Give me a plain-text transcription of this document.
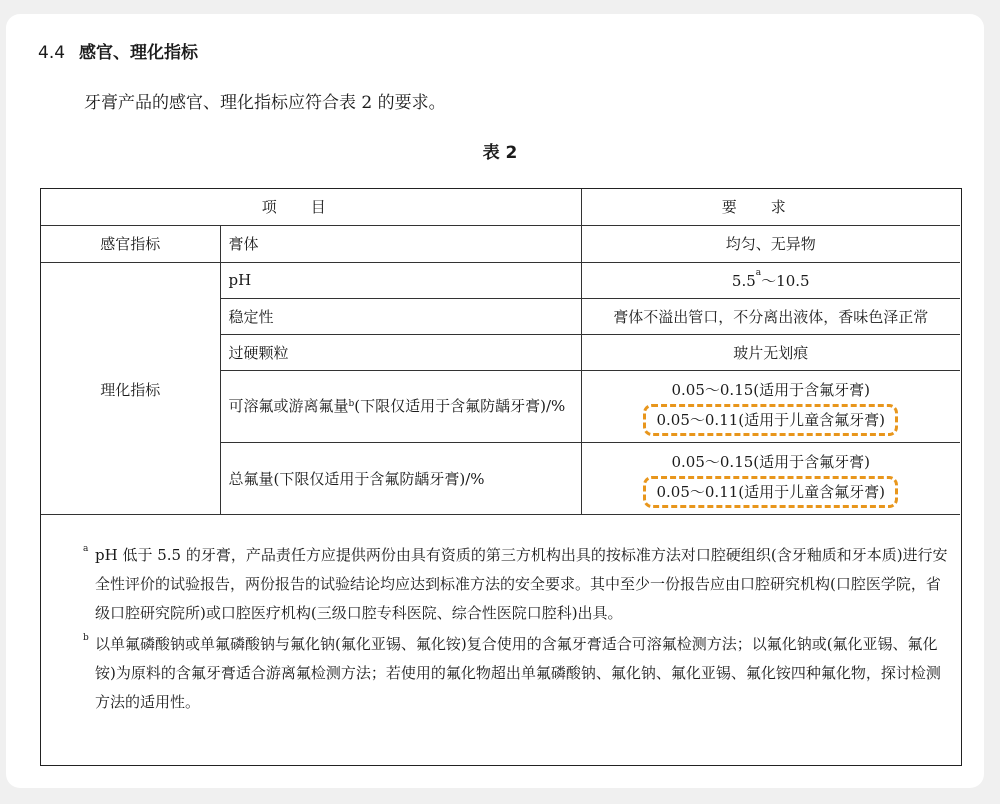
4.4 感官、理化指标
牙膏产品的感官、理化指标应符合表 2 的要求。
表 2
项目		要求
感官指标	膏体	均匀、无异物
理化指标	pH	5.5$^a$～10.5
	稳定性	膏体不溢出管口，不分离出液体，香味色泽正常
	过硬颗粒	玻片无划痕
	可溶氟或游离氟量$^b$(下限仅适用于含氟防龋牙膏)/%	0.05～0.15(适用于含氟牙膏)
0.05～0.11(适用于儿童含氟牙膏)
	总氟量(下限仅适用于含氟防龋牙膏)/%	0.05～0.15(适用于含氟牙膏)
0.05～0.11(适用于儿童含氟牙膏)
a pH 低于 5.5 的牙膏，产品责任方应提供两份由具有资质的第三方机构出具的按标准方法对口腔硬组织(含牙釉质和牙本质)进行安全性评价的试验报告，两份报告的试验结论均应达到标准方法的安全要求。其中至少一份报告应由口腔研究机构(口腔医学院，省级口腔研究院所)或口腔医疗机构(三级口腔专科医院、综合性医院口腔科)出具。
b 以单氟磷酸钠或单氟磷酸钠与氟化钠(氟化亚锡、氟化铵)复合使用的含氟牙膏适合可溶氟检测方法；以氟化钠或(氟化亚锡、氟化铵)为原料的含氟牙膏适合游离氟检测方法；若使用的氟化物超出单氟磷酸钠、氟化钠、氟化亚锡、氟化铵四种氟化物，探讨检测方法的适用性。
